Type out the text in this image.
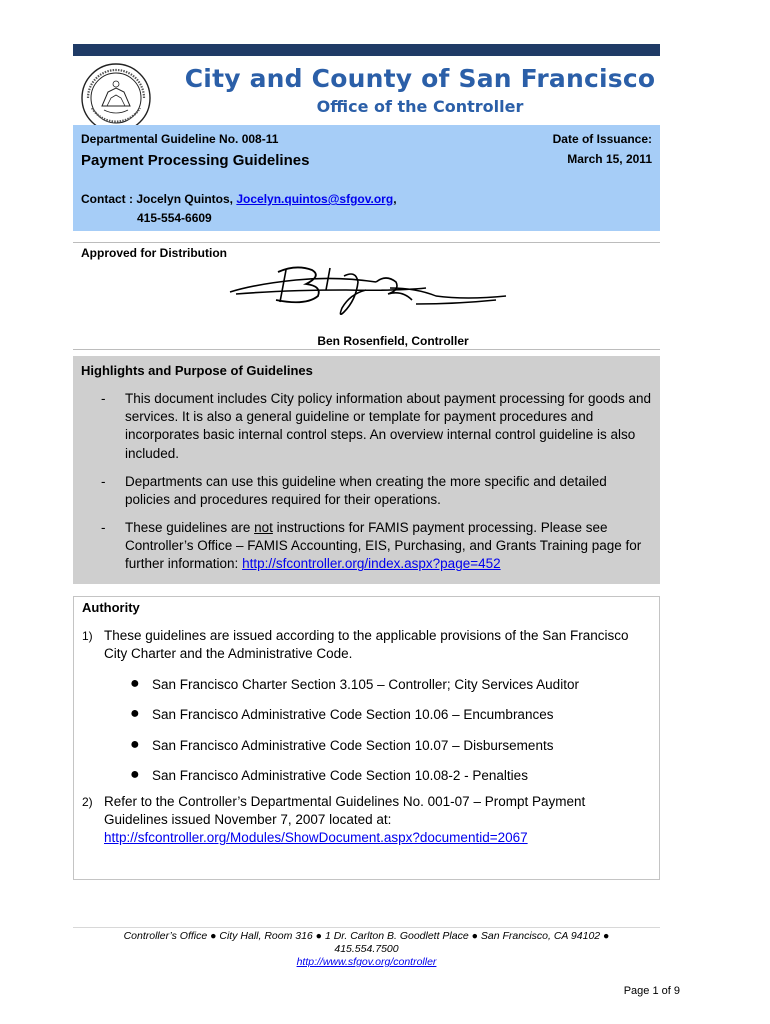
City and County of San Francisco
Office of the Controller
Departmental Guideline No. 008-11
Payment Processing Guidelines
Date of Issuance:
March 15, 2011
Contact : Jocelyn Quintos, Jocelyn.quintos@sfgov.org,
415-554-6609
Approved for Distribution
Ben Rosenfield, Controller
Highlights and Purpose of Guidelines
- This document includes City policy information about payment processing for goods and services. It is also a general guideline or template for payment procedures and incorporates basic internal control steps. An overview internal control guideline is also included.
- Departments can use this guideline when creating the more specific and detailed policies and procedures required for their operations.
- These guidelines are not instructions for FAMIS payment processing. Please see Controller’s Office – FAMIS Accounting, EIS, Purchasing, and Grants Training page for further information: http://sfcontroller.org/index.aspx?page=452
Authority
1) These guidelines are issued according to the applicable provisions of the San Francisco City Charter and the Administrative Code.
● San Francisco Charter Section 3.105 – Controller; City Services Auditor
● San Francisco Administrative Code Section 10.06 – Encumbrances
● San Francisco Administrative Code Section 10.07 – Disbursements
● San Francisco Administrative Code Section 10.08-2 - Penalties
2) Refer to the Controller’s Departmental Guidelines No. 001-07 – Prompt Payment Guidelines issued November 7, 2007 located at:
http://sfcontroller.org/Modules/ShowDocument.aspx?documentid=2067
Controller’s Office ● City Hall, Room 316 ● 1 Dr. Carlton B. Goodlett Place ● San Francisco, CA 94102 ●
415.554.7500
http://www.sfgov.org/controller
Page 1 of 9
